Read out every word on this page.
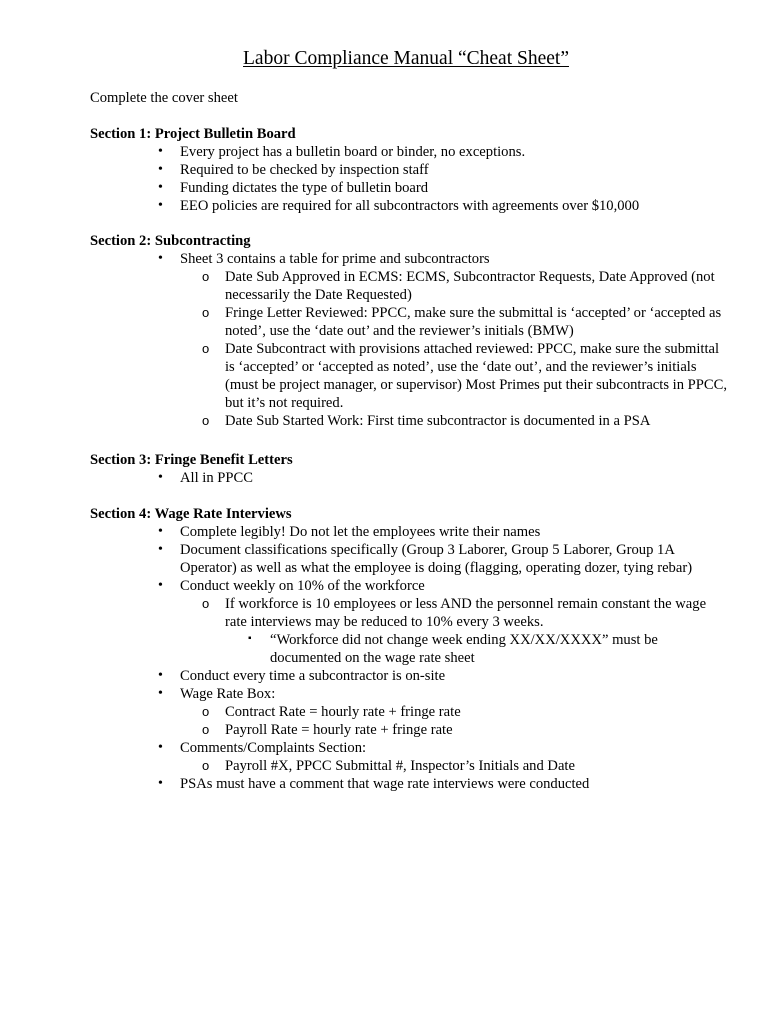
Labor Compliance Manual “Cheat Sheet”
Complete the cover sheet
Section 1: Project Bulletin Board
• Every project has a bulletin board or binder, no exceptions.
• Required to be checked by inspection staff
• Funding dictates the type of bulletin board
• EEO policies are required for all subcontractors with agreements over $10,000
Section 2: Subcontracting
• Sheet 3 contains a table for prime and subcontractors
o Date Sub Approved in ECMS: ECMS, Subcontractor Requests, Date Approved (not necessarily the Date Requested)
o Fringe Letter Reviewed: PPCC, make sure the submittal is ‘accepted’ or ‘accepted as noted’, use the ‘date out’ and the reviewer’s initials (BMW)
o Date Subcontract with provisions attached reviewed: PPCC, make sure the submittal is ‘accepted’ or ‘accepted as noted’, use the ‘date out’, and the reviewer’s initials (must be project manager, or supervisor) Most Primes put their subcontracts in PPCC, but it’s not required.
o Date Sub Started Work: First time subcontractor is documented in a PSA
Section 3: Fringe Benefit Letters
• All in PPCC
Section 4: Wage Rate Interviews
• Complete legibly! Do not let the employees write their names
• Document classifications specifically (Group 3 Laborer, Group 5 Laborer, Group 1A Operator) as well as what the employee is doing (flagging, operating dozer, tying rebar)
• Conduct weekly on 10% of the workforce
o If workforce is 10 employees or less AND the personnel remain constant the wage rate interviews may be reduced to 10% every 3 weeks.
▪ “Workforce did not change week ending XX/XX/XXXX” must be documented on the wage rate sheet
• Conduct every time a subcontractor is on-site
• Wage Rate Box:
o Contract Rate = hourly rate + fringe rate
o Payroll Rate = hourly rate + fringe rate
• Comments/Complaints Section:
o Payroll #X, PPCC Submittal #, Inspector’s Initials and Date
• PSAs must have a comment that wage rate interviews were conducted
